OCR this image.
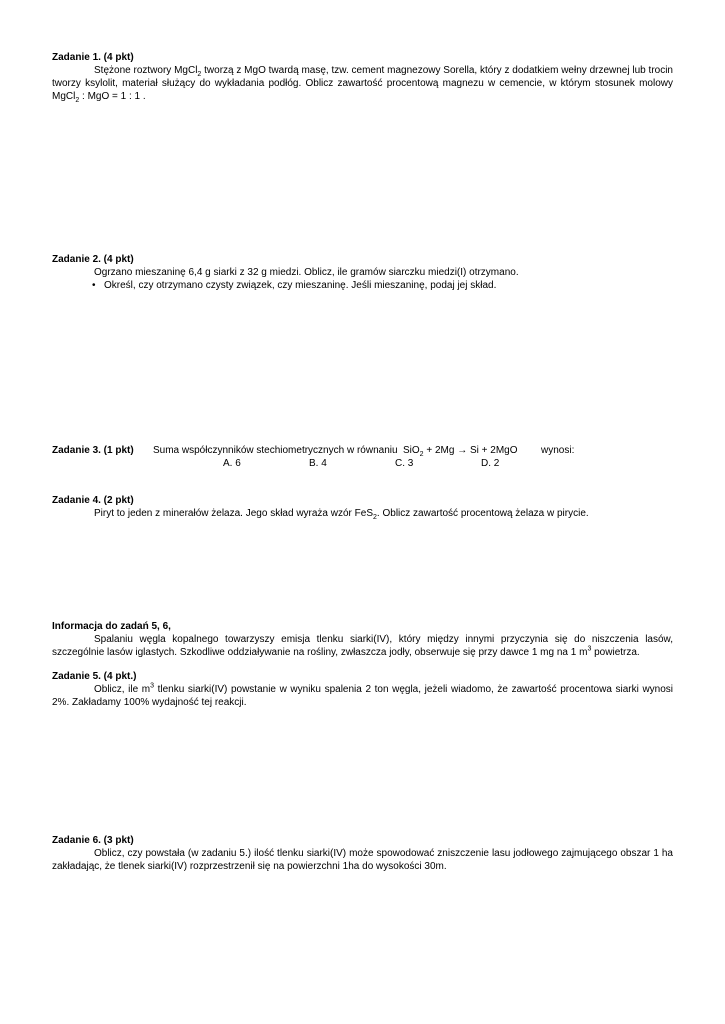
Zadanie 1. (4 pkt)
Stężone roztwory MgCl$_2$ tworzą z MgO twardą masę, tzw. cement magnezowy Sorella, który z dodatkiem wełny drzewnej lub trocin tworzy ksylolit, materiał służący do wykładania podłóg. Oblicz zawartość procentową magnezu w cemencie, w którym stosunek molowy MgCl$_2$ : MgO = 1 : 1 .
Zadanie 2. (4 pkt)
Ogrzano mieszaninę 6,4 g siarki z 32 g miedzi. Oblicz, ile gramów siarczku miedzi(I) otrzymano.
• Określ, czy otrzymano czysty związek, czy mieszaninę. Jeśli mieszaninę, podaj jej skład.
Zadanie 3. (1 pkt) Suma współczynników stechiometrycznych w równaniu SiO$_2$ + 2Mg → Si + 2MgO wynosi:
A. 6	B. 4	C. 3	D. 2
Zadanie 4. (2 pkt)
Piryt to jeden z minerałów żelaza. Jego skład wyraża wzór FeS$_2$. Oblicz zawartość procentową żelaza w pirycie.
Informacja do zadań 5, 6,
Spalaniu węgla kopalnego towarzyszy emisja tlenku siarki(IV), który między innymi przyczynia się do niszczenia lasów, szczególnie lasów iglastych. Szkodliwe oddziaływanie na rośliny, zwłaszcza jodły, obserwuje się przy dawce 1 mg na 1 $m^3$ powietrza.
Zadanie 5. (4 pkt.)
Oblicz, ile $m^3$ tlenku siarki(IV) powstanie w wyniku spalenia 2 ton węgla, jeżeli wiadomo, że zawartość procentowa siarki wynosi 2%. Zakładamy 100% wydajność tej reakcji.
Zadanie 6. (3 pkt)
Oblicz, czy powstała (w zadaniu 5.) ilość tlenku siarki(IV) może spowodować zniszczenie lasu jodłowego zajmującego obszar 1 ha zakładając, że tlenek siarki(IV) rozprzestrzenił się na powierzchni 1ha do wysokości 30m.
